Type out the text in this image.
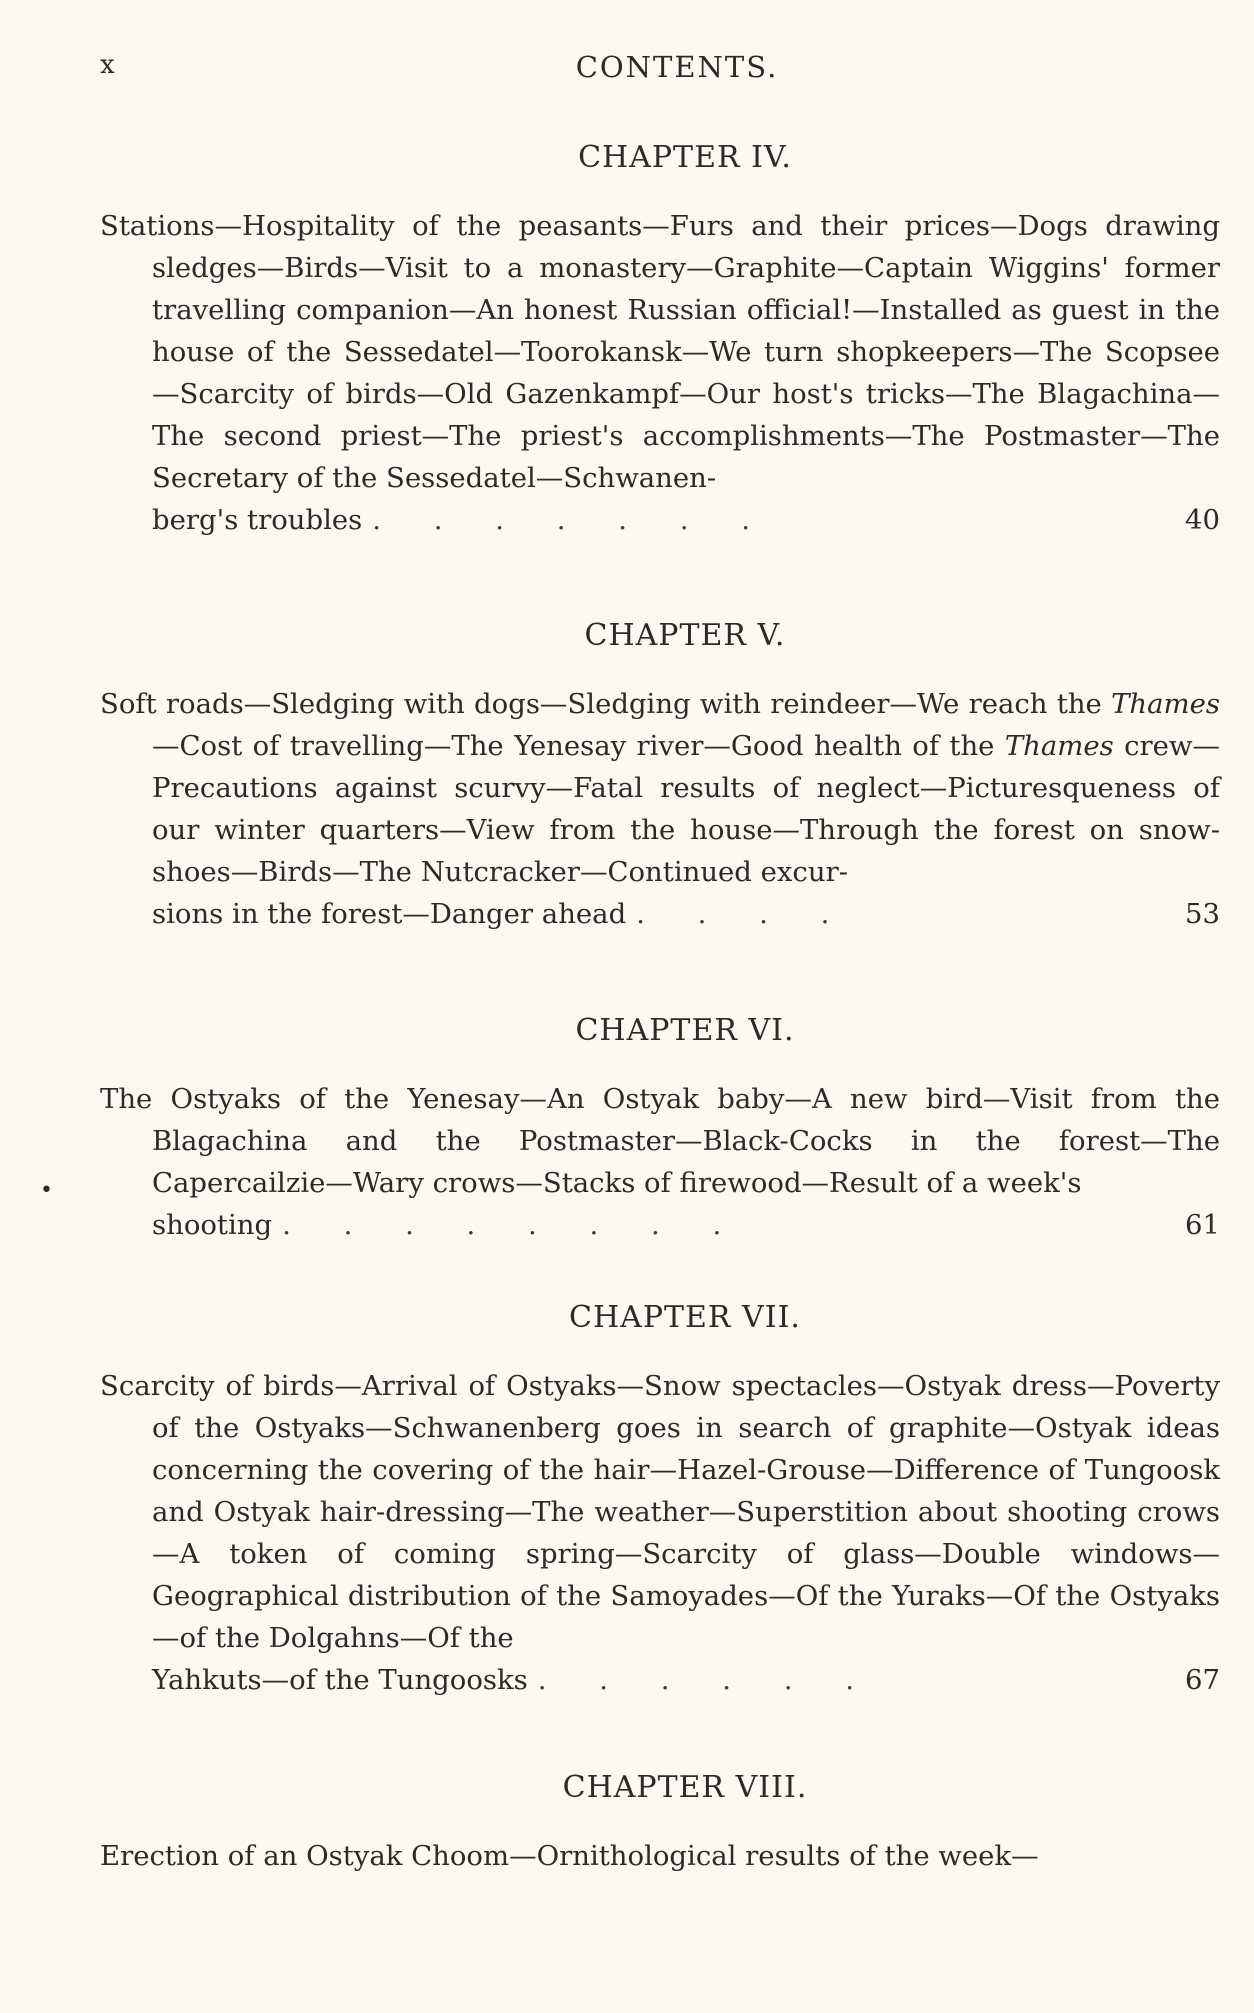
x	CONTENTS.
CHAPTER IV.

Stations—Hospitality of the peasants—Furs and their prices—Dogs drawing sledges—Birds—Visit to a monastery—Graphite—Captain Wiggins' former travelling companion—An honest Russian official!—Installed as guest in the house of the Sessedatel—Toorokansk—We turn shopkeepers—The Scopsee—Scarcity of birds—Old Gazenkampf—Our host's tricks—The Blagachina—The second priest—The priest's accomplishments—The Postmaster—The Secretary of the Sessedatel—Schwanen-

berg's troubles . . . . . . .	40
CHAPTER V.

Soft roads—Sledging with dogs—Sledging with reindeer—We reach the Thames—Cost of travelling—The Yenesay river—Good health of the Thames crew—Precautions against scurvy—Fatal results of neglect—Picturesqueness of our winter quarters—View from the house—Through the forest on snow-shoes—Birds—The Nutcracker—Continued excur-

sions in the forest—Danger ahead . . . .	53
CHAPTER VI.

The Ostyaks of the Yenesay—An Ostyak baby—A new bird—Visit from the Blagachina and the Postmaster—Black-Cocks in the forest—The Capercailzie—Wary crows—Stacks of firewood—Result of a week's

shooting . . . . . . . .	61
•
CHAPTER VII.

Scarcity of birds—Arrival of Ostyaks—Snow spectacles—Ostyak dress—Poverty of the Ostyaks—Schwanenberg goes in search of graphite—Ostyak ideas concerning the covering of the hair—Hazel-Grouse—Difference of Tungoosk and Ostyak hair-dressing—The weather—Superstition about shooting crows—A token of coming spring—Scarcity of glass—Double windows—Geographical distribution of the Samoyades—Of the Yuraks—Of the Ostyaks—of the Dolgahns—Of the

Yahkuts—of the Tungoosks . . . . . .	67
CHAPTER VIII.

Erection of an Ostyak Choom—Ornithological results of the week—
